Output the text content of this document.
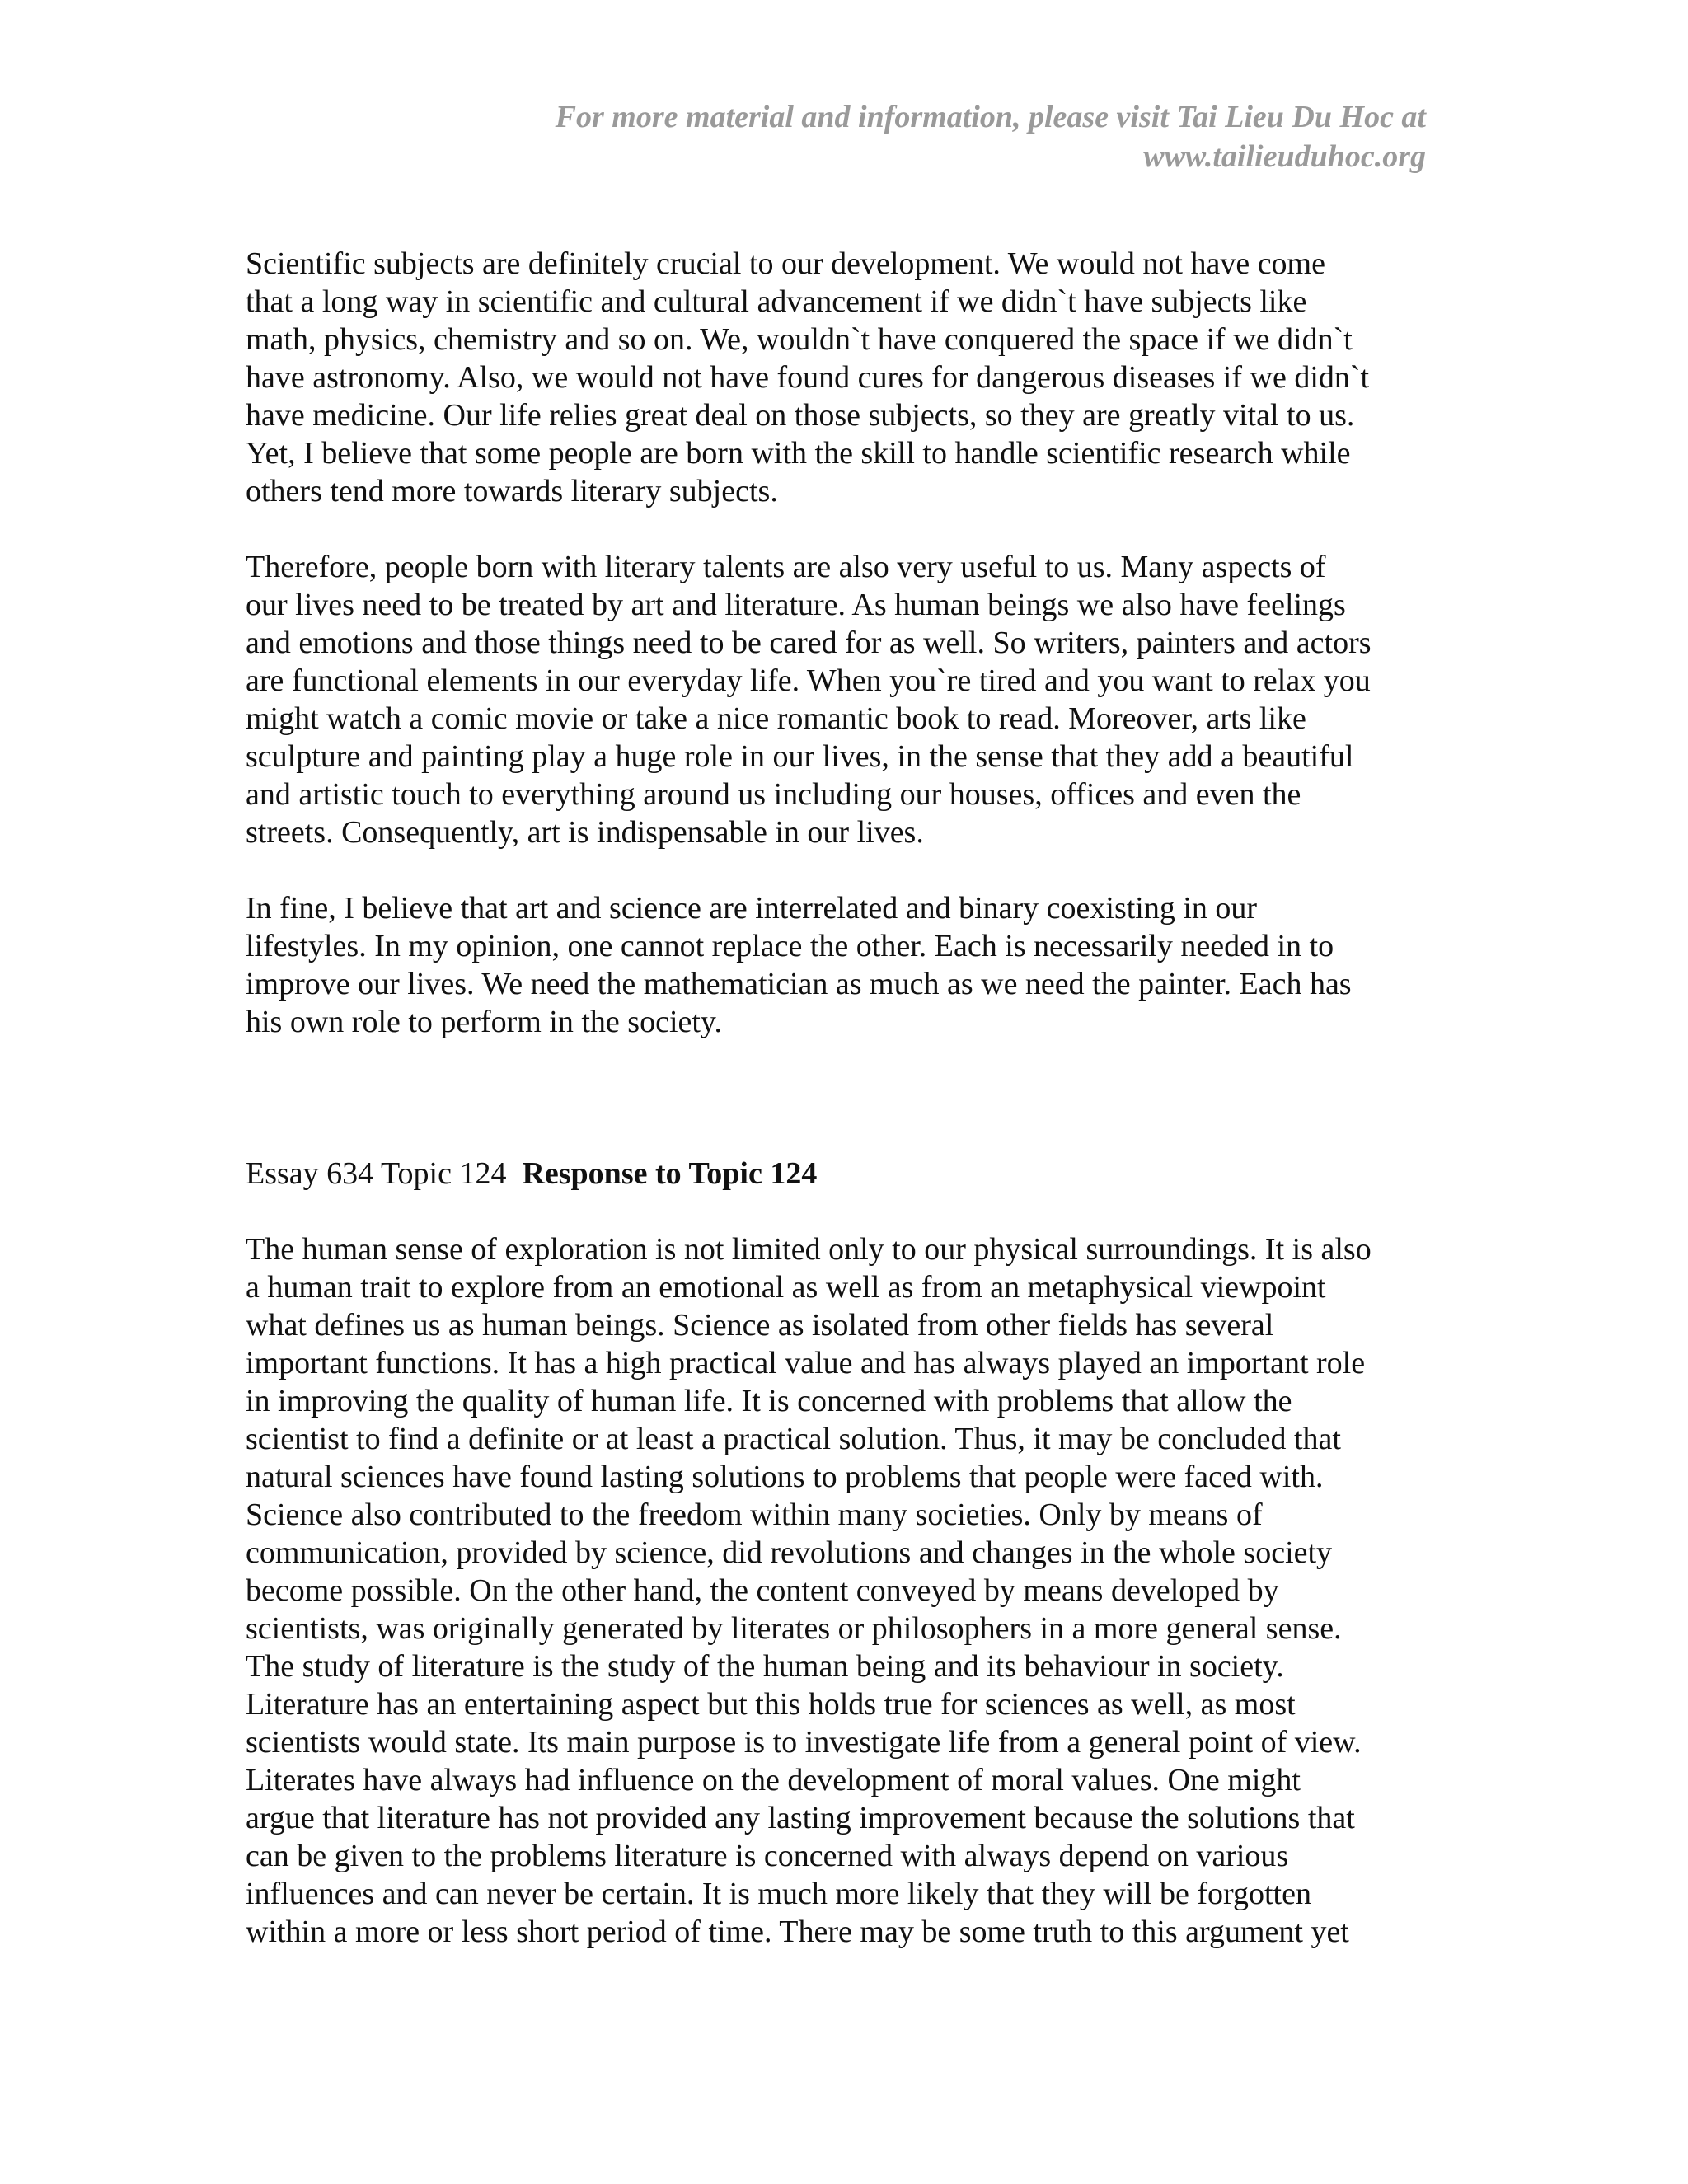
For more material and information, please visit Tai Lieu Du Hoc at
www.tailieuduhoc.org

Scientific subjects are definitely crucial to our development. We would not have come
that a long way in scientific and cultural advancement if we didn`t have subjects like
math, physics, chemistry and so on. We, wouldn`t have conquered the space if we didn`t
have astronomy. Also, we would not have found cures for dangerous diseases if we didn`t
have medicine. Our life relies great deal on those subjects, so they are greatly vital to us.
Yet, I believe that some people are born with the skill to handle scientific research while
others tend more towards literary subjects.

Therefore, people born with literary talents are also very useful to us. Many aspects of
our lives need to be treated by art and literature. As human beings we also have feelings
and emotions and those things need to be cared for as well. So writers, painters and actors
are functional elements in our everyday life. When you`re tired and you want to relax you
might watch a comic movie or take a nice romantic book to read. Moreover, arts like
sculpture and painting play a huge role in our lives, in the sense that they add a beautiful
and artistic touch to everything around us including our houses, offices and even the
streets. Consequently, art is indispensable in our lives.

In fine, I believe that art and science are interrelated and binary coexisting in our
lifestyles. In my opinion, one cannot replace the other. Each is necessarily needed in to
improve our lives. We need the mathematician as much as we need the painter. Each has
his own role to perform in the society.

Essay 634 Topic 124 Response to Topic 124

The human sense of exploration is not limited only to our physical surroundings. It is also
a human trait to explore from an emotional as well as from an metaphysical viewpoint
what defines us as human beings. Science as isolated from other fields has several
important functions. It has a high practical value and has always played an important role
in improving the quality of human life. It is concerned with problems that allow the
scientist to find a definite or at least a practical solution. Thus, it may be concluded that
natural sciences have found lasting solutions to problems that people were faced with.
Science also contributed to the freedom within many societies. Only by means of
communication, provided by science, did revolutions and changes in the whole society
become possible. On the other hand, the content conveyed by means developed by
scientists, was originally generated by literates or philosophers in a more general sense.
The study of literature is the study of the human being and its behaviour in society.
Literature has an entertaining aspect but this holds true for sciences as well, as most
scientists would state. Its main purpose is to investigate life from a general point of view.
Literates have always had influence on the development of moral values. One might
argue that literature has not provided any lasting improvement because the solutions that
can be given to the problems literature is concerned with always depend on various
influences and can never be certain. It is much more likely that they will be forgotten
within a more or less short period of time. There may be some truth to this argument yet
